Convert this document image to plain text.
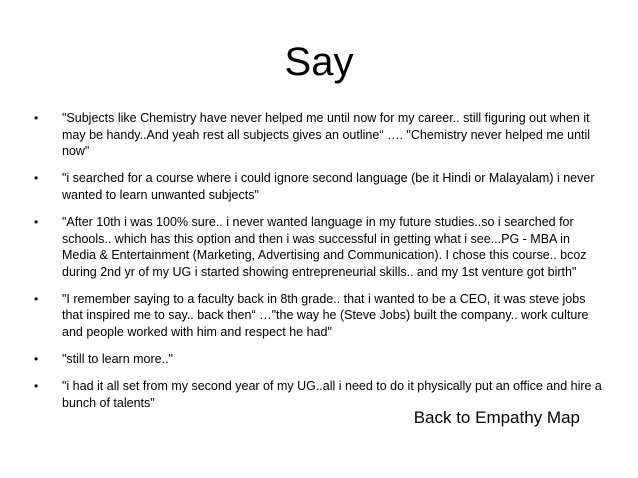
Say
• "Subjects like Chemistry have never helped me until now for my career.. still figuring out when it may be handy..And yeah rest all subjects gives an outline“ …. "Chemistry never helped me until now"
• "i searched for a course where i could ignore second language (be it Hindi or Malayalam) i never wanted to learn unwanted subjects"
• "After 10th i was 100% sure.. i never wanted language in my future studies..so i searched for schools.. which has this option and then i was successful in getting what i see...PG - MBA in Media & Entertainment (Marketing, Advertising and Communication). I chose this course.. bcoz during 2nd yr of my UG i started showing entrepreneurial skills.. and my 1st venture got birth"
• "I remember saying to a faculty back in 8th grade.. that i wanted to be a CEO, it was steve jobs that inspired me to say.. back then“ …"the way he (Steve Jobs) built the company.. work culture and people worked with him and respect he had"
• "still to learn more.."
• "i had it all set from my second year of my UG..all i need to do it physically put an office and hire a bunch of talents"
Back to Empathy Map
